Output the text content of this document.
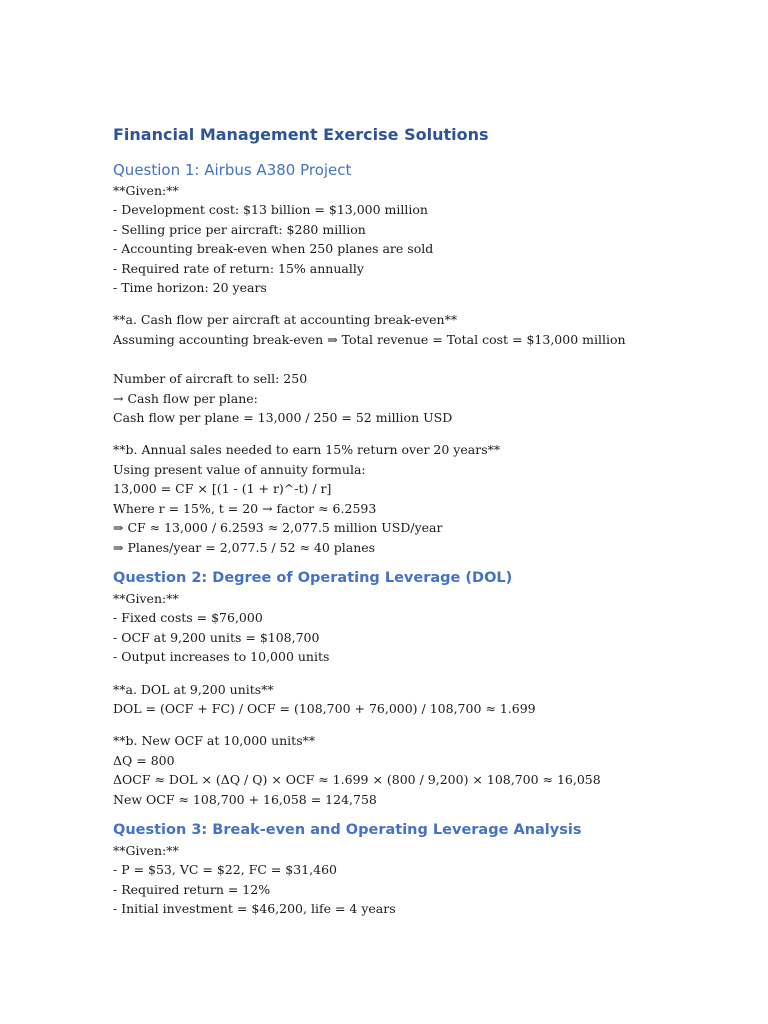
Financial Management Exercise Solutions
Question 1: Airbus A380 Project
**Given:**
- Development cost: $13 billion = $13,000 million
- Selling price per aircraft: $280 million
- Accounting break-even when 250 planes are sold
- Required rate of return: 15% annually
- Time horizon: 20 years
**a. Cash flow per aircraft at accounting break-even**
Assuming accounting break-even ⇒ Total revenue = Total cost = $13,000 million
Number of aircraft to sell: 250
→ Cash flow per plane:
Cash flow per plane = 13,000 / 250 = 52 million USD
**b. Annual sales needed to earn 15% return over 20 years**
Using present value of annuity formula:
13,000 = CF × [(1 - (1 + r)^-t) / r]
Where r = 15%, t = 20 → factor ≈ 6.2593
⇒ CF ≈ 13,000 / 6.2593 ≈ 2,077.5 million USD/year
⇒ Planes/year = 2,077.5 / 52 ≈ 40 planes
Question 2: Degree of Operating Leverage (DOL)
**Given:**
- Fixed costs = $76,000
- OCF at 9,200 units = $108,700
- Output increases to 10,000 units
**a. DOL at 9,200 units**
DOL = (OCF + FC) / OCF = (108,700 + 76,000) / 108,700 ≈ 1.699
**b. New OCF at 10,000 units**
ΔQ = 800
ΔOCF ≈ DOL × (ΔQ / Q) × OCF ≈ 1.699 × (800 / 9,200) × 108,700 ≈ 16,058
New OCF ≈ 108,700 + 16,058 = 124,758
Question 3: Break-even and Operating Leverage Analysis
**Given:**
- P = $53, VC = $22, FC = $31,460
- Required return = 12%
- Initial investment = $46,200, life = 4 years
